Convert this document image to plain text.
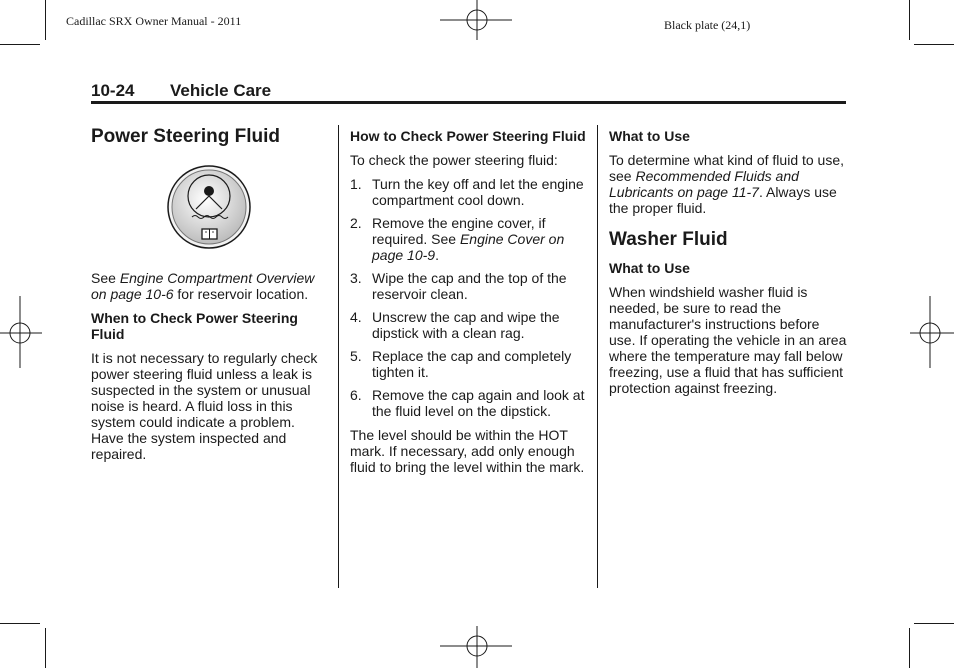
Cadillac SRX Owner Manual - 2011	Black plate (24,1)
10-24 Vehicle Care
Power Steering Fluid

See Engine Compartment Overview on page 10-6 for reservoir location.

When to Check Power Steering Fluid

It is not necessary to regularly check power steering fluid unless a leak is suspected in the system or unusual noise is heard. A fluid loss in this system could indicate a problem. Have the system inspected and repaired.

How to Check Power Steering Fluid

To check the power steering fluid:

1. Turn the key off and let the engine compartment cool down.
2. Remove the engine cover, if required. See Engine Cover on page 10-9.
3. Wipe the cap and the top of the reservoir clean.
4. Unscrew the cap and wipe the dipstick with a clean rag.
5. Replace the cap and completely tighten it.
6. Remove the cap again and look at the fluid level on the dipstick.

The level should be within the HOT mark. If necessary, add only enough fluid to bring the level within the mark.

What to Use

To determine what kind of fluid to use, see Recommended Fluids and Lubricants on page 11-7. Always use the proper fluid.

Washer Fluid
What to Use

When windshield washer fluid is needed, be sure to read the manufacturer's instructions before use. If operating the vehicle in an area where the temperature may fall below freezing, use a fluid that has sufficient protection against freezing.
